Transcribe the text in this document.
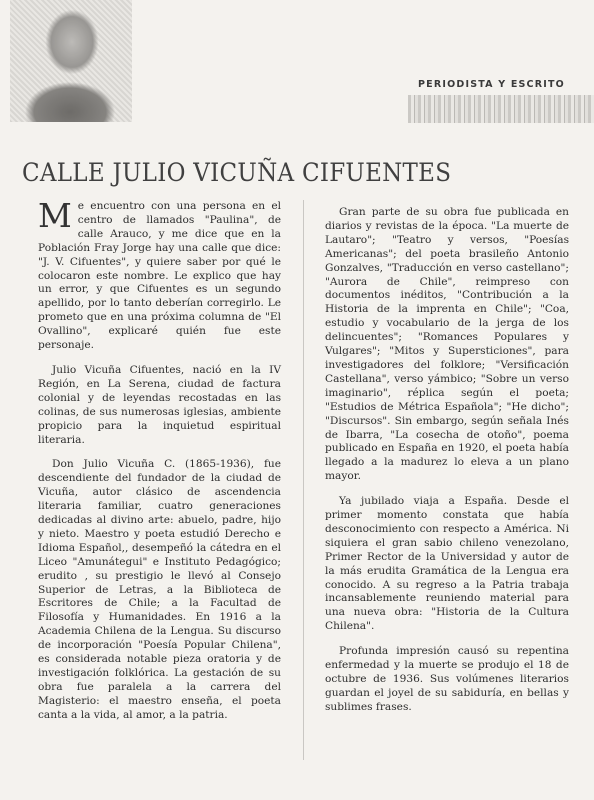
PERIODISTA Y ESCRITO
CALLE JULIO VICUÑA CIFUENTES

Me encuentro con una persona en el centro de llamados "Paulina", de calle Arauco, y me dice que en la Población Fray Jorge hay una calle que dice: "J. V. Cifuentes", y quiere saber por qué le colocaron este nombre. Le explico que hay un error, y que Cifuentes es un segundo apellido, por lo tanto deberían corregirlo. Le prometo que en una próxima columna de "El Ovallino", explicaré quién fue este personaje.

Julio Vicuña Cifuentes, nació en la IV Región, en La Serena, ciudad de factura colonial y de leyendas recostadas en las colinas, de sus numerosas iglesias, ambiente propicio para la inquietud espiritual literaria.

Don Julio Vicuña C. (1865-1936), fue descendiente del fundador de la ciudad de Vicuña, autor clásico de ascendencia literaria familiar, cuatro generaciones dedicadas al divino arte: abuelo, padre, hijo y nieto. Maestro y poeta estudió Derecho e Idioma Español,, desempeñó la cátedra en el Liceo "Amunátegui" e Instituto Pedagógico; erudito , su prestigio le llevó al Consejo Superior de Letras, a la Biblioteca de Escritores de Chile; a la Facultad de Filosofía y Humanidades. En 1916 a la Academia Chilena de la Lengua. Su discurso de incorporación "Poesía Popular Chilena", es considerada notable pieza oratoria y de investigación folklórica. La gestación de su obra fue paralela a la carrera del Magisterio: el maestro enseña, el poeta canta a la vida, al amor, a la patria.

Gran parte de su obra fue publicada en diarios y revistas de la época. "La muerte de Lautaro"; "Teatro y versos, "Poesías Americanas"; del poeta brasileño Antonio Gonzalves, "Traducción en verso castellano"; "Aurora de Chile", reimpreso con documentos inéditos, "Contribución a la Historia de la imprenta en Chile"; "Coa, estudio y vocabulario de la jerga de los delincuentes"; "Romances Populares y Vulgares"; "Mitos y Supersticiones", para investigadores del folklore; "Versificación Castellana", verso yámbico; "Sobre un verso imaginario", réplica según el poeta; "Estudios de Métrica Española"; "He dicho"; "Discursos". Sin embargo, según señala Inés de Ibarra, "La cosecha de otoño", poema publicado en España en 1920, el poeta había llegado a la madurez lo eleva a un plano mayor.

Ya jubilado viaja a España. Desde el primer momento constata que había desconocimiento con respecto a América. Ni siquiera el gran sabio chileno venezolano, Primer Rector de la Universidad y autor de la más erudita Gramática de la Lengua era conocido. A su regreso a la Patria trabaja incansablemente reuniendo material para una nueva obra: "Historia de la Cultura Chilena".

Profunda impresión causó su repentina enfermedad y la muerte se produjo el 18 de octubre de 1936. Sus volúmenes literarios guardan el joyel de su sabiduría, en bellas y sublimes frases.
